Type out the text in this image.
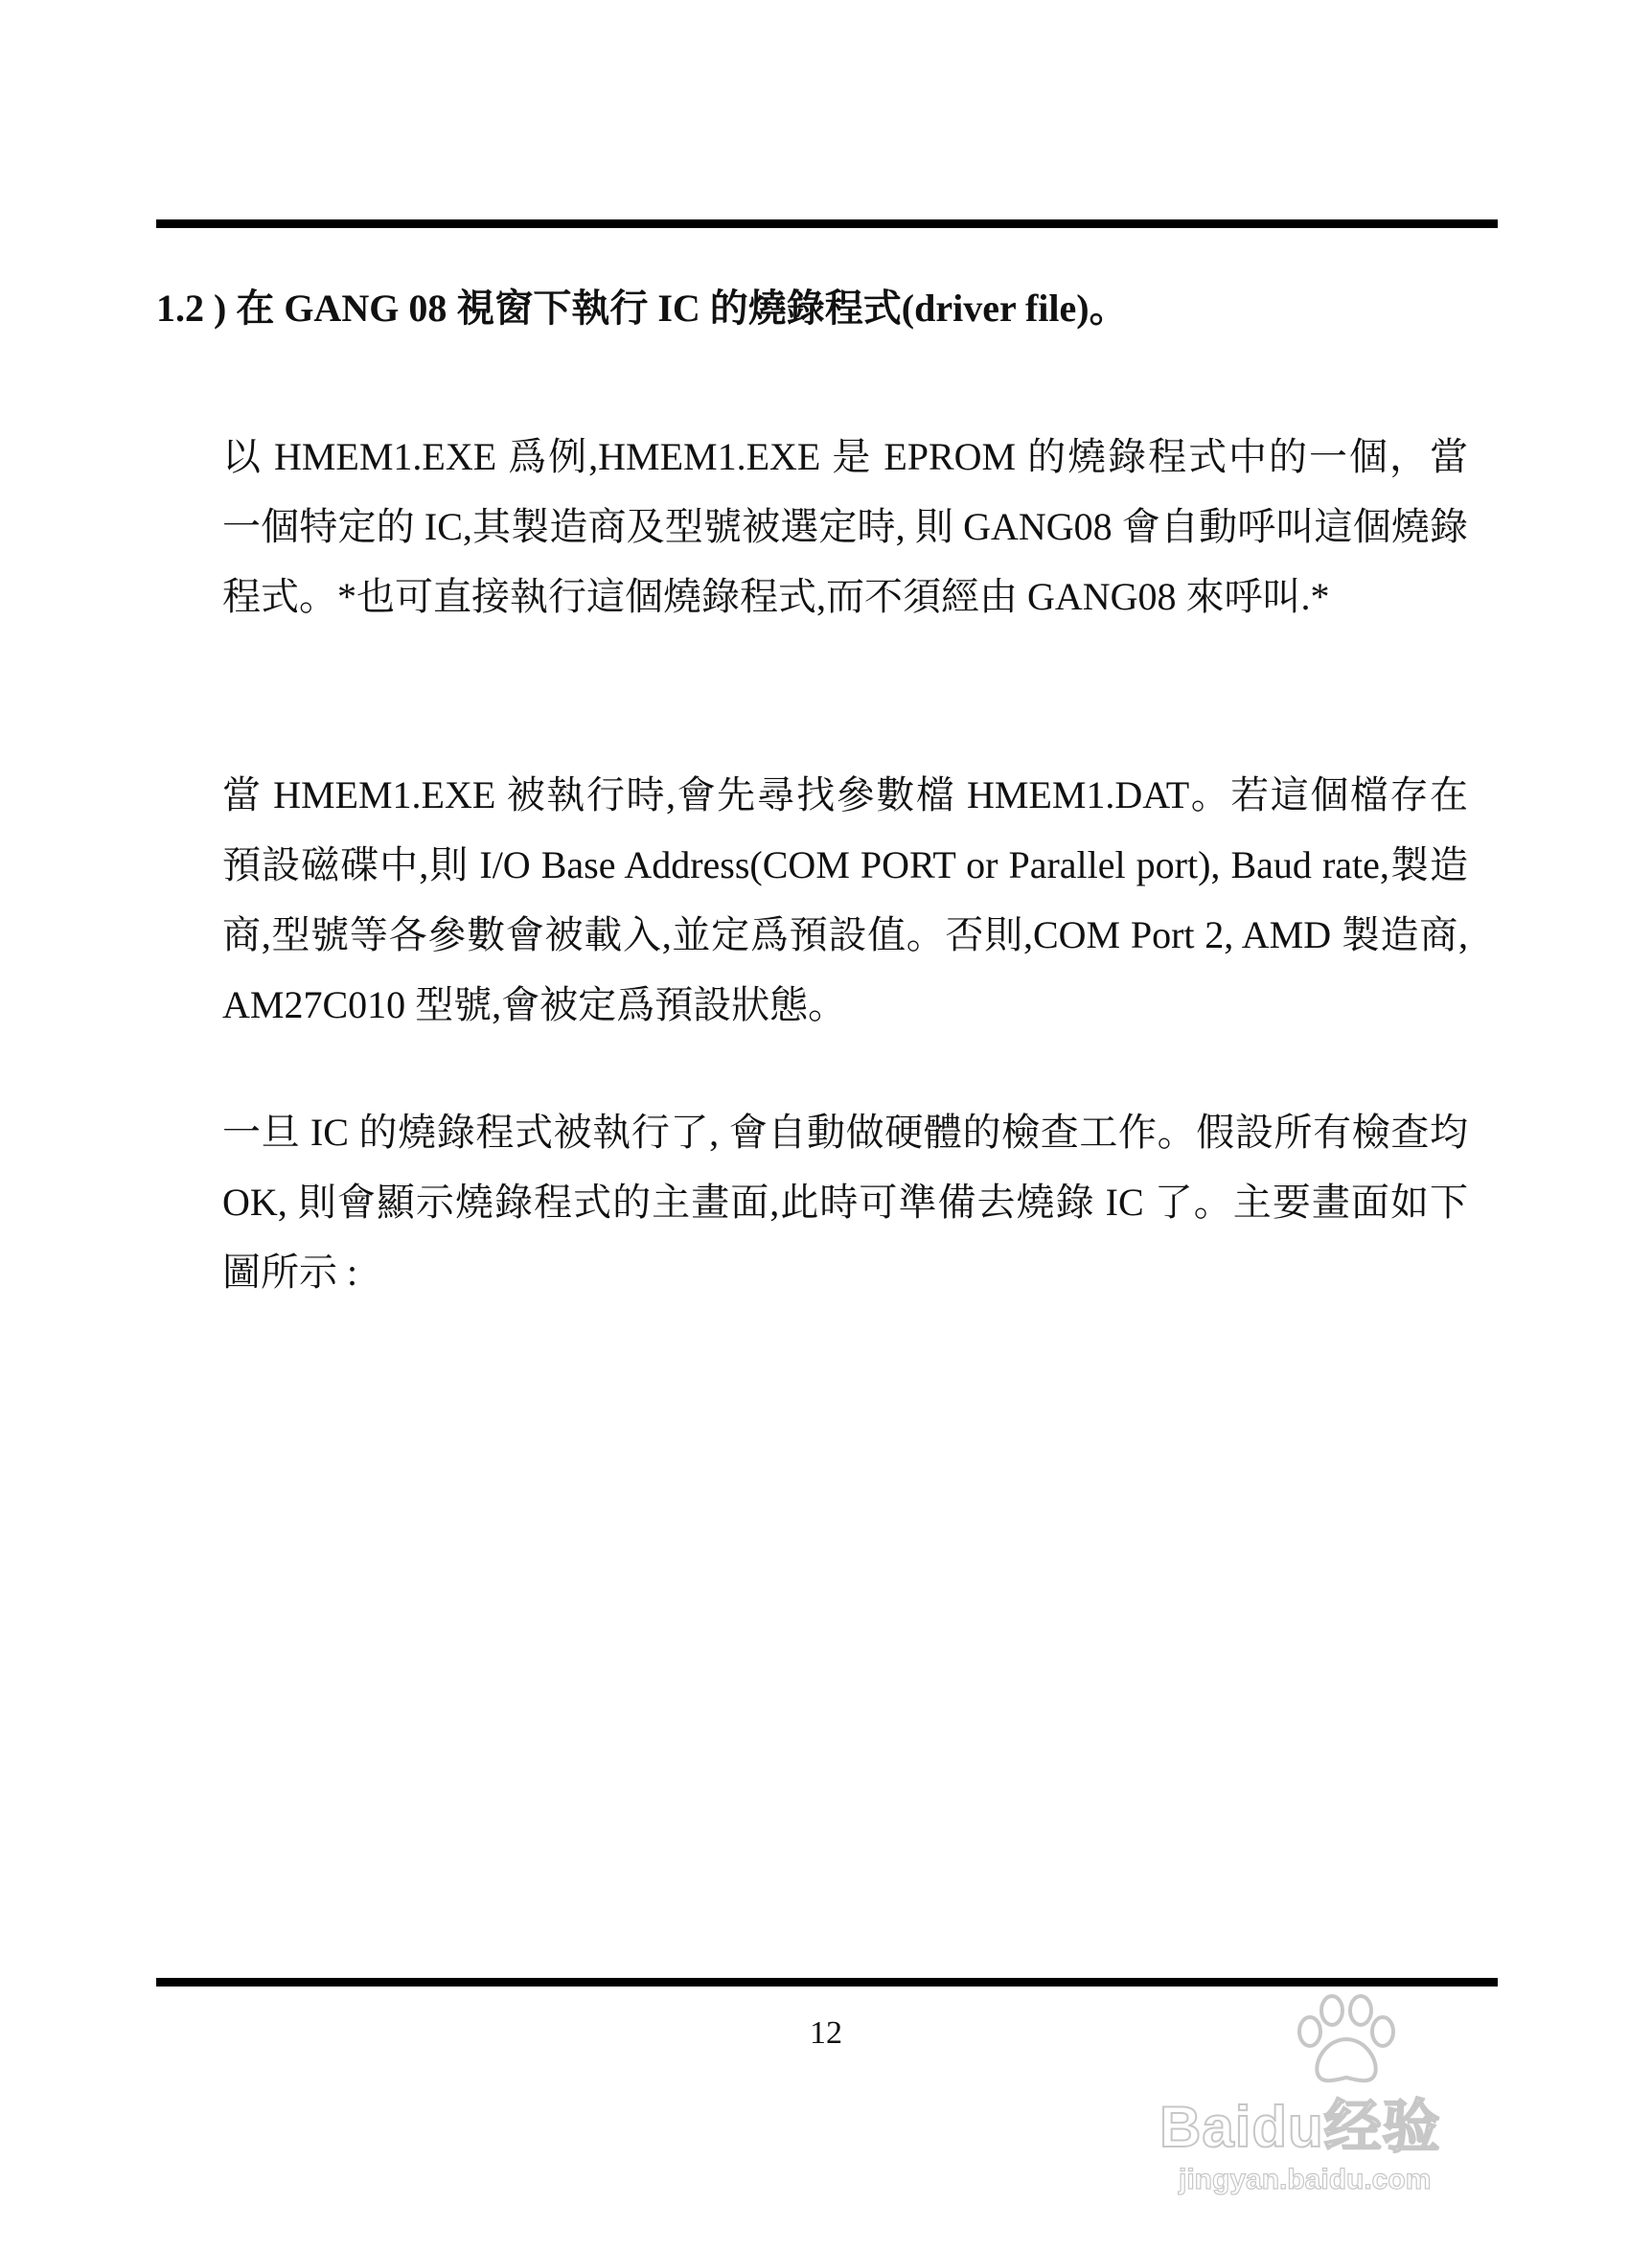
1.2 ) 在 GANG 08 視窗下執行 IC 的燒錄程式(driver file)。

以 HMEM1.EXE 爲例,HMEM1.EXE 是 EPROM 的燒錄程式中的一個，當一個特定的 IC,其製造商及型號被選定時, 則 GANG08 會自動呼叫這個燒錄程式。*也可直接執行這個燒錄程式,而不須經由 GANG08 來呼叫.*

當 HMEM1.EXE 被執行時,會先尋找參數檔 HMEM1.DAT。若這個檔存在預設磁碟中,則 I/O Base Address(COM PORT or Parallel port), Baud rate,製造商,型號等各參數會被載入,並定爲預設值。否則,COM Port 2, AMD 製造商, AM27C010 型號,會被定爲預設狀態。

一旦 IC 的燒錄程式被執行了, 會自動做硬體的檢查工作。假設所有檢查均 OK, 則會顯示燒錄程式的主畫面,此時可準備去燒錄 IC 了。主要畫面如下圖所示 :

12
Baidu经验
jingyan.baidu.com
